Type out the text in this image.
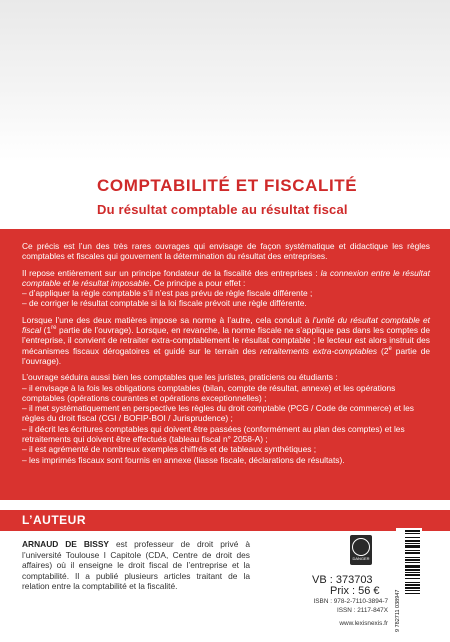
COMPTABILITÉ ET FISCALITÉ
Du résultat comptable au résultat fiscal

Ce précis est l’un des très rares ouvrages qui envisage de façon systématique et didactique les règles comptables et fiscales qui gouvernent la détermination du résultat des entreprises.

Il repose entièrement sur un principe fondateur de la fiscalité des entreprises : la connexion entre le résultat comptable et le résultat imposable. Ce principe a pour effet :
– d’appliquer la règle comptable s’il n’est pas prévu de règle fiscale différente ;
– de corriger le résultat comptable si la loi fiscale prévoit une règle différente.

Lorsque l’une des deux matières impose sa norme à l’autre, cela conduit à l’unité du résultat comptable et fiscal (1re partie de l’ouvrage). Lorsque, en revanche, la norme fiscale ne s’applique pas dans les comptes de l’entreprise, il convient de retraiter extra-comptablement le résultat comptable ; le lecteur est alors instruit des mécanismes fiscaux dérogatoires et guidé sur le terrain des retraitements extra-comptables (2e partie de l’ouvrage).

L’ouvrage séduira aussi bien les comptables que les juristes, praticiens ou étudiants :
– il envisage à la fois les obligations comptables (bilan, compte de résultat, annexe) et les opérations comptables (opérations courantes et opérations exceptionnelles) ;
– il met systématiquement en perspective les règles du droit comptable (PCG / Code de commerce) et les règles du droit fiscal (CGI / BOFIP-BOI / Jurisprudence) ;
– il décrit les écritures comptables qui doivent être passées (conformément au plan des comptes) et les retraitements qui doivent être effectués (tableau fiscal n° 2058-A) ;
– il est agrémenté de nombreux exemples chiffrés et de tableaux synthétiques ;
– les imprimés fiscaux sont fournis en annexe (liasse fiscale, déclarations de résultats).

L’AUTEUR

ARNAUD DE BISSY est professeur de droit privé à l’université Toulouse I Capitole (CDA, Centre de droit des affaires) où il enseigne le droit fiscal de l’entreprise et la comptabilité. Il a publié plusieurs articles traitant de la relation entre la comptabilité et la fiscalité.

DANGER

VB : 373703

Prix : 56 €

ISBN : 978-2-7110-3894-7

ISSN : 2117-847X

www.lexisnexis.fr 9 782711 038947
